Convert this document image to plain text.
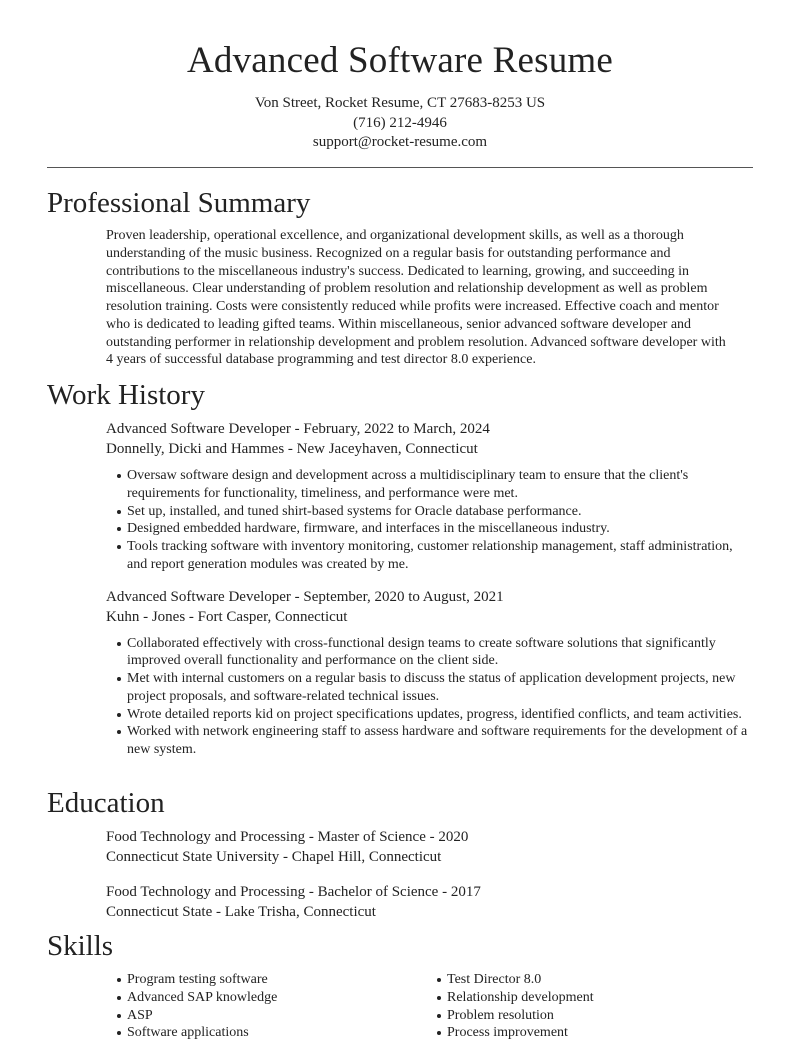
Advanced Software Resume
Von Street, Rocket Resume, CT 27683-8253 US
(716) 212-4946
support@rocket-resume.com
Professional Summary
Proven leadership, operational excellence, and organizational development skills, as well as a thorough understanding of the music business. Recognized on a regular basis for outstanding performance and contributions to the miscellaneous industry's success. Dedicated to learning, growing, and succeeding in miscellaneous. Clear understanding of problem resolution and relationship development as well as problem resolution training. Costs were consistently reduced while profits were increased. Effective coach and mentor who is dedicated to leading gifted teams. Within miscellaneous, senior advanced software developer and outstanding performer in relationship development and problem resolution. Advanced software developer with 4 years of successful database programming and test director 8.0 experience.
Work History
Advanced Software Developer - February, 2022 to March, 2024
Donnelly, Dicki and Hammes - New Jaceyhaven, Connecticut
Oversaw software design and development across a multidisciplinary team to ensure that the client's requirements for functionality, timeliness, and performance were met.
Set up, installed, and tuned shirt-based systems for Oracle database performance.
Designed embedded hardware, firmware, and interfaces in the miscellaneous industry.
Tools tracking software with inventory monitoring, customer relationship management, staff administration, and report generation modules was created by me.
Advanced Software Developer - September, 2020 to August, 2021
Kuhn - Jones - Fort Casper, Connecticut
Collaborated effectively with cross-functional design teams to create software solutions that significantly improved overall functionality and performance on the client side.
Met with internal customers on a regular basis to discuss the status of application development projects, new project proposals, and software-related technical issues.
Wrote detailed reports kid on project specifications updates, progress, identified conflicts, and team activities.
Worked with network engineering staff to assess hardware and software requirements for the development of a new system.
Education
Food Technology and Processing - Master of Science - 2020
Connecticut State University - Chapel Hill, Connecticut
Food Technology and Processing - Bachelor of Science - 2017
Connecticut State - Lake Trisha, Connecticut
Skills
Program testing software
Advanced SAP knowledge
ASP
Software applications
Test Director 8.0
Relationship development
Problem resolution
Process improvement
